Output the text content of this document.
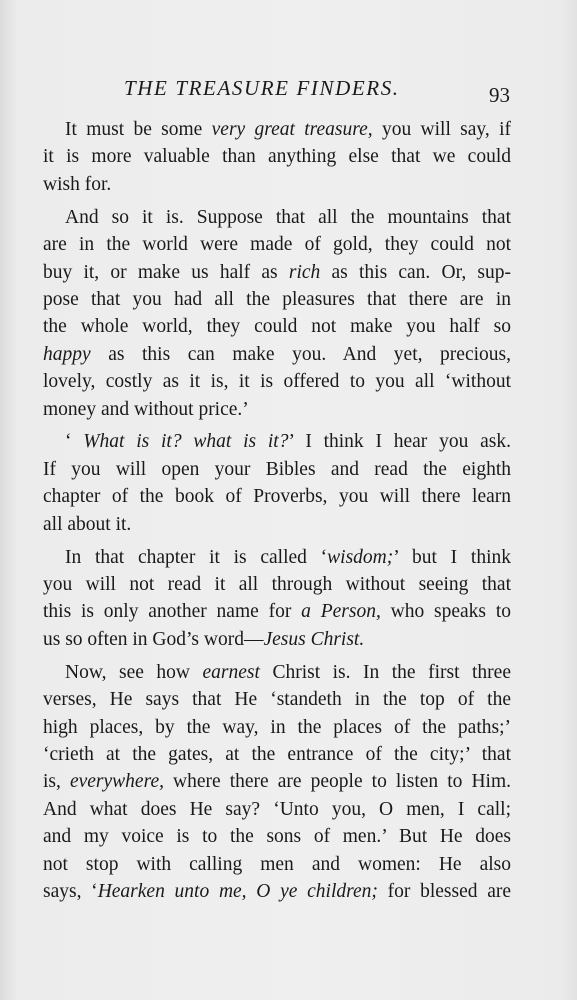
THE TREASURE FINDERS.	93
It must be some very great treasure, you will say, if
it is more valuable than anything else that we could
wish for.
And so it is. Suppose that all the mountains that
are in the world were made of gold, they could not
buy it, or make us half as rich as this can. Or, sup-
pose that you had all the pleasures that there are in
the whole world, they could not make you half so
happy as this can make you. And yet, precious,
lovely, costly as it is, it is offered to you all ‘without
money and without price.’
‘ What is it? what is it?’ I think I hear you ask.
If you will open your Bibles and read the eighth
chapter of the book of Proverbs, you will there learn
all about it.
In that chapter it is called ‘wisdom;’ but I think
you will not read it all through without seeing that
this is only another name for a Person, who speaks to
us so often in God’s word—Jesus Christ.
Now, see how earnest Christ is. In the first three
verses, He says that He ‘standeth in the top of the
high places, by the way, in the places of the paths;’
‘crieth at the gates, at the entrance of the city;’ that
is, everywhere, where there are people to listen to Him.
And what does He say? ‘Unto you, O men, I call;
and my voice is to the sons of men.’ But He does
not stop with calling men and women: He also
says, ‘Hearken unto me, O ye children; for blessed are
